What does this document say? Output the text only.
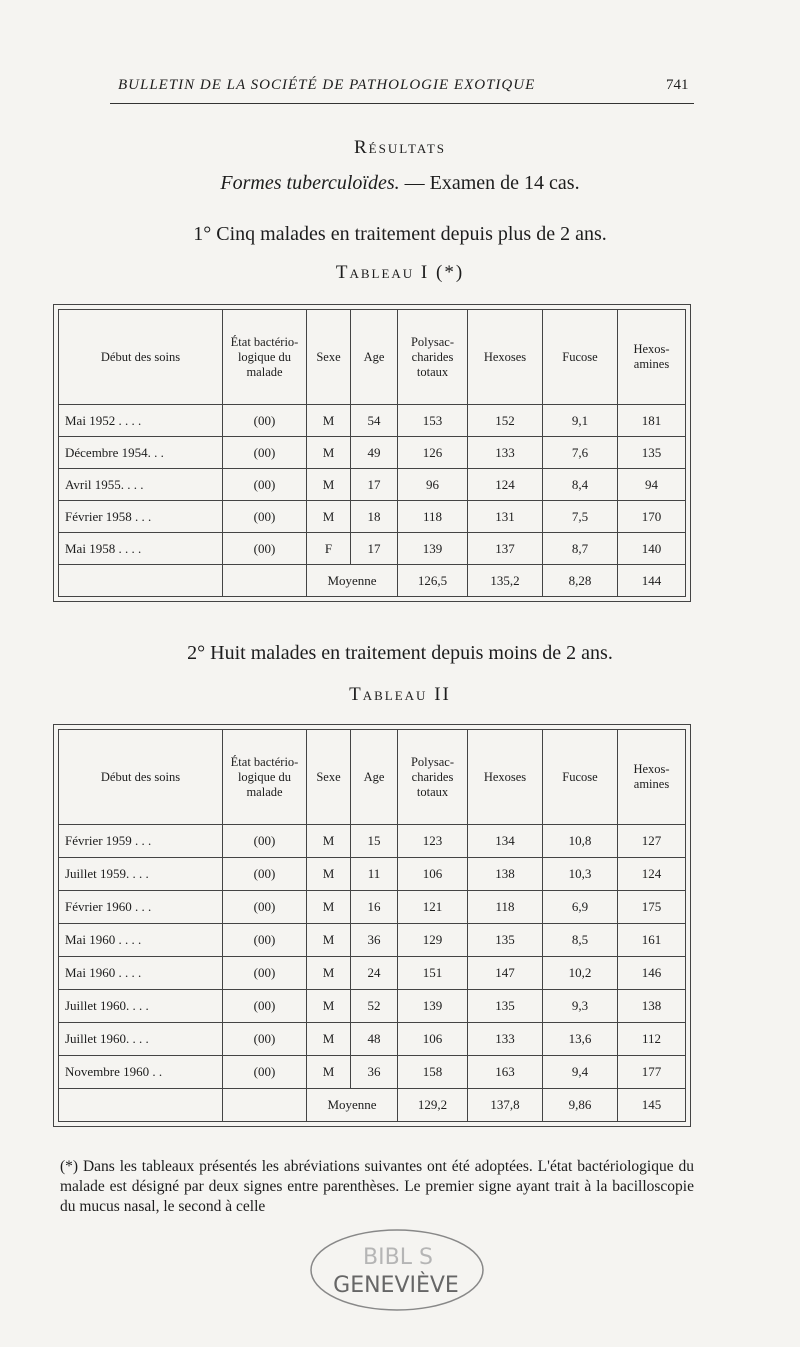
BULLETIN DE LA SOCIÉTÉ DE PATHOLOGIE EXOTIQUE	741
Résultats
Formes tuberculoïdes. — Examen de 14 cas.
1° Cinq malades en traitement depuis plus de 2 ans.
Tableau I (*)
Début des soins	État bactério-logique du malade	Sexe	Age	Polysac-charides totaux	Hexoses	Fucose	Hexos-amines
Mai 1952 . . . .	(00)	M	54	153	152	9,1	181
Décembre 1954. . .	(00)	M	49	126	133	7,6	135
Avril 1955. . . .	(00)	M	17	96	124	8,4	94
Février 1958 . . .	(00)	M	18	118	131	7,5	170
Mai 1958 . . . .	(00)	F	17	139	137	8,7	140
		Moyenne		126,5	135,2	8,28	144
2° Huit malades en traitement depuis moins de 2 ans.
Tableau II
Début des soins	État bactério-logique du malade	Sexe	Age	Polysac-charides totaux	Hexoses	Fucose	Hexos-amines
Février 1959 . . .	(00)	M	15	123	134	10,8	127
Juillet 1959. . . .	(00)	M	11	106	138	10,3	124
Février 1960 . . .	(00)	M	16	121	118	6,9	175
Mai 1960 . . . .	(00)	M	36	129	135	8,5	161
Mai 1960 . . . .	(00)	M	24	151	147	10,2	146
Juillet 1960. . . .	(00)	M	52	139	135	9,3	138
Juillet 1960. . . .	(00)	M	48	106	133	13,6	112
Novembre 1960 . .	(00)	M	36	158	163	9,4	177
		Moyenne		129,2	137,8	9,86	145
(*) Dans les tableaux présentés les abréviations suivantes ont été adoptées. L'état bactériologique du malade est désigné par deux signes entre parenthèses. Le premier signe ayant trait à la bacilloscopie du mucus nasal, le second à celle
BIBL S
GENEVIÈVE
